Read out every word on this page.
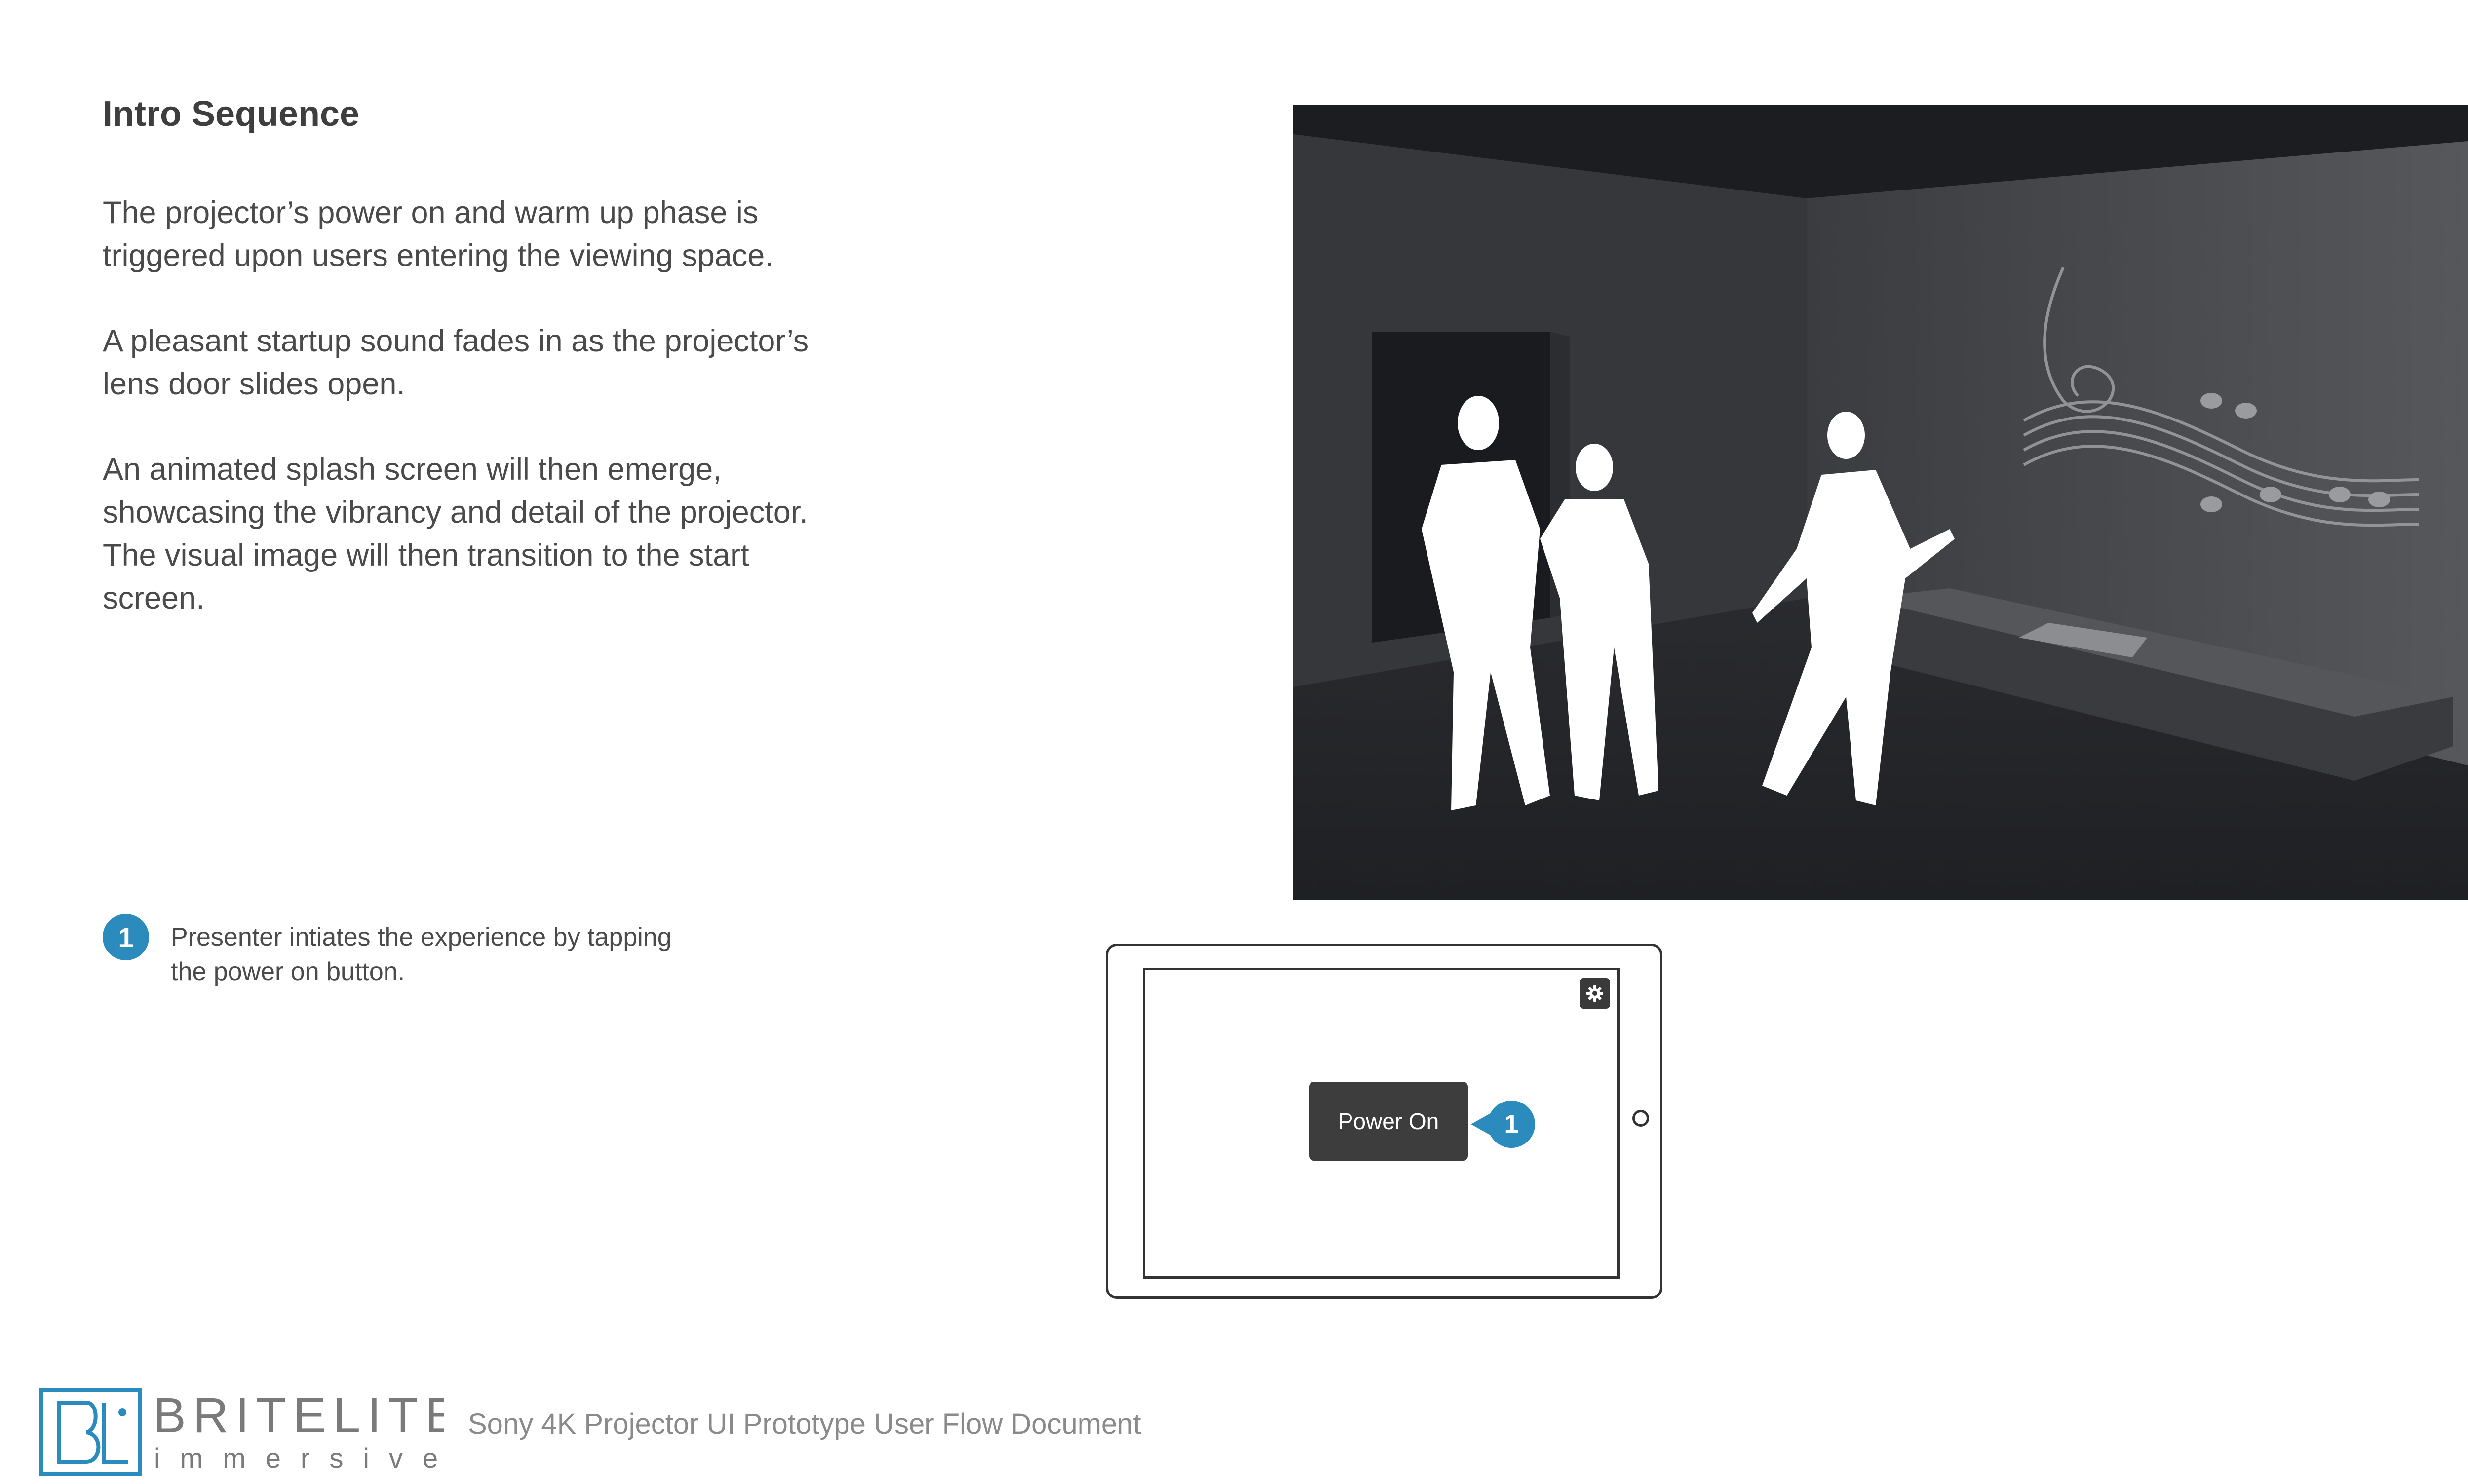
Intro Sequence

The projector’s power on and warm up phase is triggered upon users entering the viewing space.

A pleasant startup sound fades in as the projector’s lens door slides open.

An animated splash screen will then emerge, showcasing the vibrancy and detail of the projector. The visual image will then transition to the start screen.

1	Presenter intiates the experience by tapping the power on button.

Power On	1
BRITELITE
immersive

Sony 4K Projector UI Prototype User Flow Document
